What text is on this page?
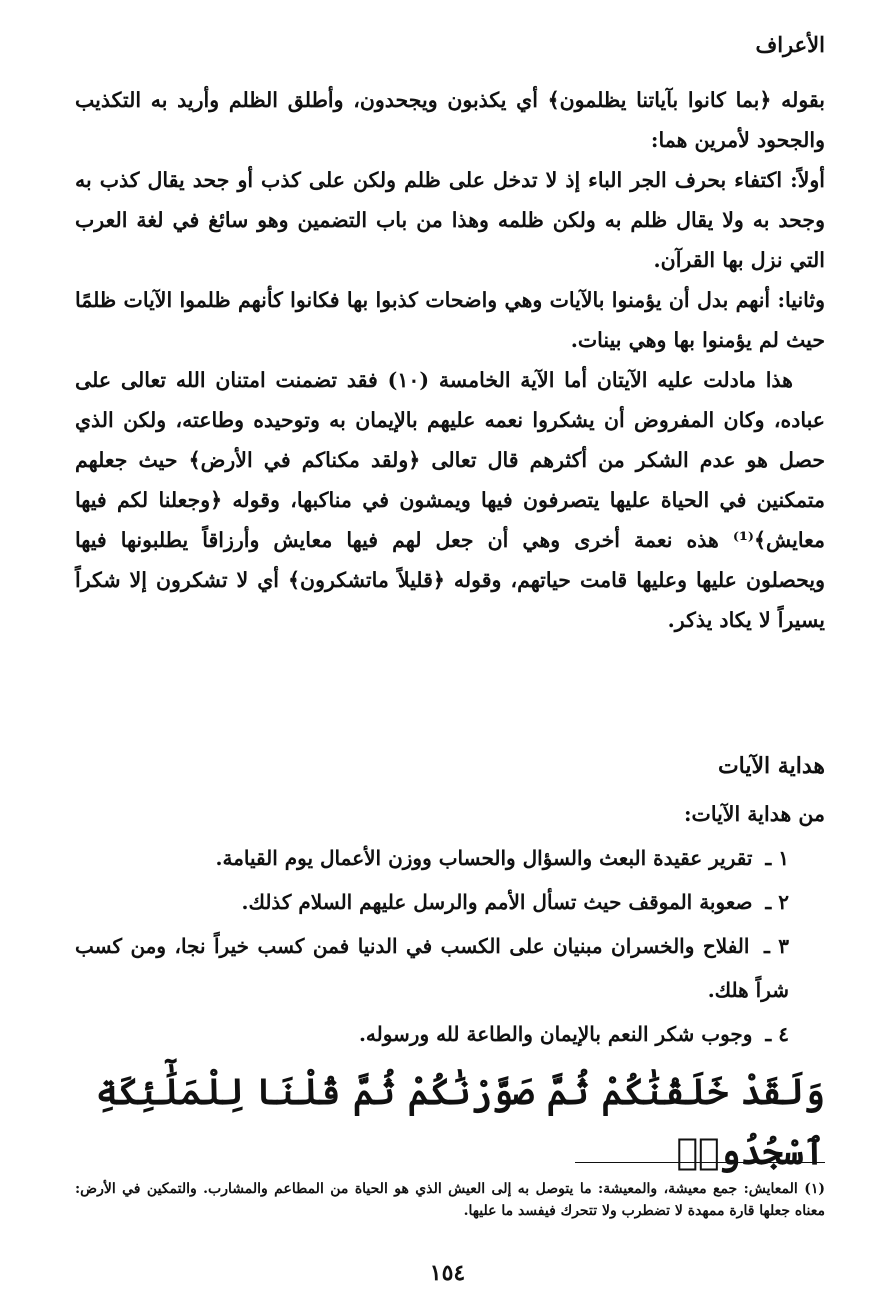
الأعراف

بقوله ﴿بما كانوا بآياتنا يظلمون﴾ أي يكذبون ويجحدون، وأطلق الظلم وأريد به التكذيب والجحود لأمرين هما:

أولاً: اكتفاء بحرف الجر الباء إذ لا تدخل على ظلم ولكن على كذب أو جحد يقال كذب به وجحد به ولا يقال ظلم به ولكن ظلمه وهذا من باب التضمين وهو سائغ في لغة العرب التي نزل بها القرآن.

وثانيا: أنهم بدل أن يؤمنوا بالآيات وهي واضحات كذبوا بها فكانوا كأنهم ظلموا الآيات ظلمًا حيث لم يؤمنوا بها وهي بينات.

هذا مادلت عليه الآيتان أما الآية الخامسة (١٠) فقد تضمنت امتنان الله تعالى على عباده، وكان المفروض أن يشكروا نعمه عليهم بالإيمان به وتوحيده وطاعته، ولكن الذي حصل هو عدم الشكر من أكثرهم قال تعالى ﴿ولقد مكناكم في الأرض﴾ حيث جعلهم متمكنين في الحياة عليها يتصرفون فيها ويمشون في مناكبها، وقوله ﴿وجعلنا لكم فيها معايش﴾⁽¹⁾ هذه نعمة أخرى وهي أن جعل لهم فيها معايش وأرزاقاً يطلبونها فيها ويحصلون عليها وعليها قامت حياتهم، وقوله ﴿قليلاً ماتشكرون﴾ أي لا تشكرون إلا شكراً يسيراً لا يكاد يذكر.

هداية الآيات
من هداية الآيات:
١ ـ تقرير عقيدة البعث والسؤال والحساب ووزن الأعمال يوم القيامة.
٢ ـ صعوبة الموقف حيث تسأل الأمم والرسل عليهم السلام كذلك.
٣ ـ الفلاح والخسران مبنيان على الكسب في الدنيا فمن كسب خيراً نجا، ومن كسب شراً هلك.
٤ ـ وجوب شكر النعم بالإيمان والطاعة لله ورسوله.
وَلَقَدْ خَلَقْنَٰكُمْ ثُمَّ صَوَّرْنَٰكُمْ ثُمَّ قُلْنَا لِلْمَلَٰٓئِكَةِ ٱسْجُدُوا۟
(١) المعايش: جمع معيشة، والمعيشة: ما يتوصل به إلى العيش الذي هو الحياة من المطاعم والمشارب. والتمكين في الأرض: معناه جعلها قارة ممهدة لا تضطرب ولا تتحرك فيفسد ما عليها.
١٥٤
